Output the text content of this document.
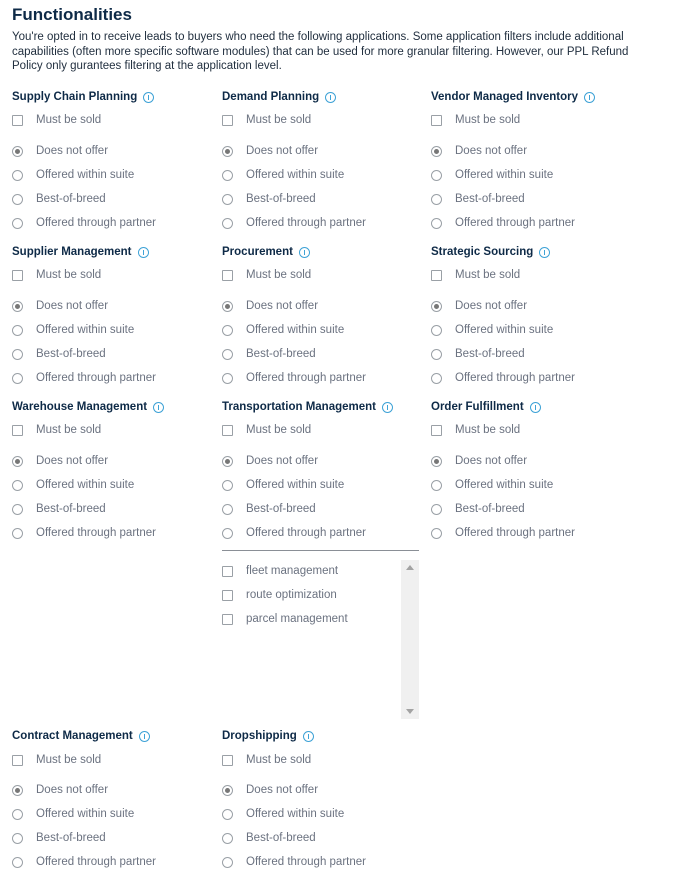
Functionalities

You're opted in to receive leads to buyers who need the following applications. Some application filters include additional capabilities (often more specific software modules) that can be used for more granular filtering. However, our PPL Refund Policy only gurantees filtering at the application level.

Supply Chain Planning
Must be sold
Does not offer
Offered within suite
Best-of-breed
Offered through partner
Demand Planning
Must be sold
Does not offer
Offered within suite
Best-of-breed
Offered through partner
Vendor Managed Inventory
Must be sold
Does not offer
Offered within suite
Best-of-breed
Offered through partner
Supplier Management
Must be sold
Does not offer
Offered within suite
Best-of-breed
Offered through partner
Procurement
Must be sold
Does not offer
Offered within suite
Best-of-breed
Offered through partner
Strategic Sourcing
Must be sold
Does not offer
Offered within suite
Best-of-breed
Offered through partner
Warehouse Management
Must be sold
Does not offer
Offered within suite
Best-of-breed
Offered through partner
Transportation Management
Must be sold
Does not offer
Offered within suite
Best-of-breed
Offered through partner
Order Fulfillment
Must be sold
Does not offer
Offered within suite
Best-of-breed
Offered through partner
fleet management
route optimization
parcel management
Contract Management
Must be sold
Does not offer
Offered within suite
Best-of-breed
Offered through partner
Dropshipping
Must be sold
Does not offer
Offered within suite
Best-of-breed
Offered through partner
